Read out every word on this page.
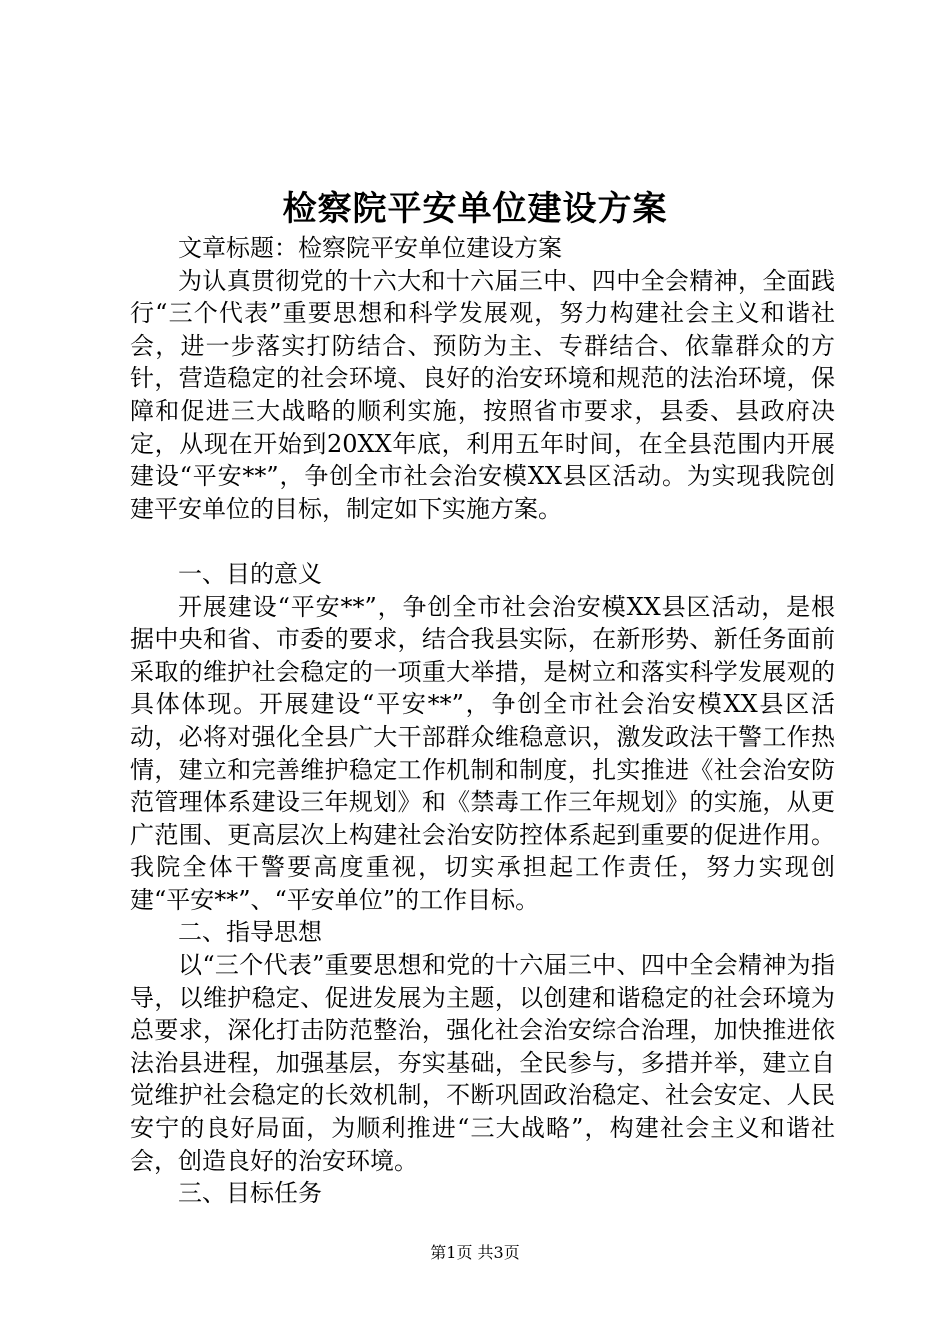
检察院平安单位建设方案

文章标题：检察院平安单位建设方案

为认真贯彻党的十六大和十六届三中、四中全会精神，全面践行“三个代表”重要思想和科学发展观，努力构建社会主义和谐社会，进一步落实打防结合、预防为主、专群结合、依靠群众的方针，营造稳定的社会环境、良好的治安环境和规范的法治环境，保障和促进三大战略的顺利实施，按照省市要求，县委、县政府决定，从现在开始到20XX年底，利用五年时间，在全县范围内开展建设“平安**”，争创全市社会治安模XX县区活动。为实现我院创建平安单位的目标，制定如下实施方案。

一、目的意义

开展建设“平安**”，争创全市社会治安模XX县区活动，是根据中央和省、市委的要求，结合我县实际，在新形势、新任务面前采取的维护社会稳定的一项重大举措，是树立和落实科学发展观的具体体现。开展建设“平安**”，争创全市社会治安模XX县区活动，必将对强化全县广大干部群众维稳意识，激发政法干警工作热情，建立和完善维护稳定工作机制和制度，扎实推进《社会治安防范管理体系建设三年规划》和《禁毒工作三年规划》的实施，从更广范围、更高层次上构建社会治安防控体系起到重要的促进作用。我院全体干警要高度重视，切实承担起工作责任，努力实现创建“平安**”、“平安单位”的工作目标。

二、指导思想

以“三个代表”重要思想和党的十六届三中、四中全会精神为指导，以维护稳定、促进发展为主题，以创建和谐稳定的社会环境为总要求，深化打击防范整治，强化社会治安综合治理，加快推进依法治县进程，加强基层，夯实基础，全民参与，多措并举，建立自觉维护社会稳定的长效机制，不断巩固政治稳定、社会安定、人民安宁的良好局面，为顺利推进“三大战略”，构建社会主义和谐社会，创造良好的治安环境。

三、目标任务

第1页 共3页
